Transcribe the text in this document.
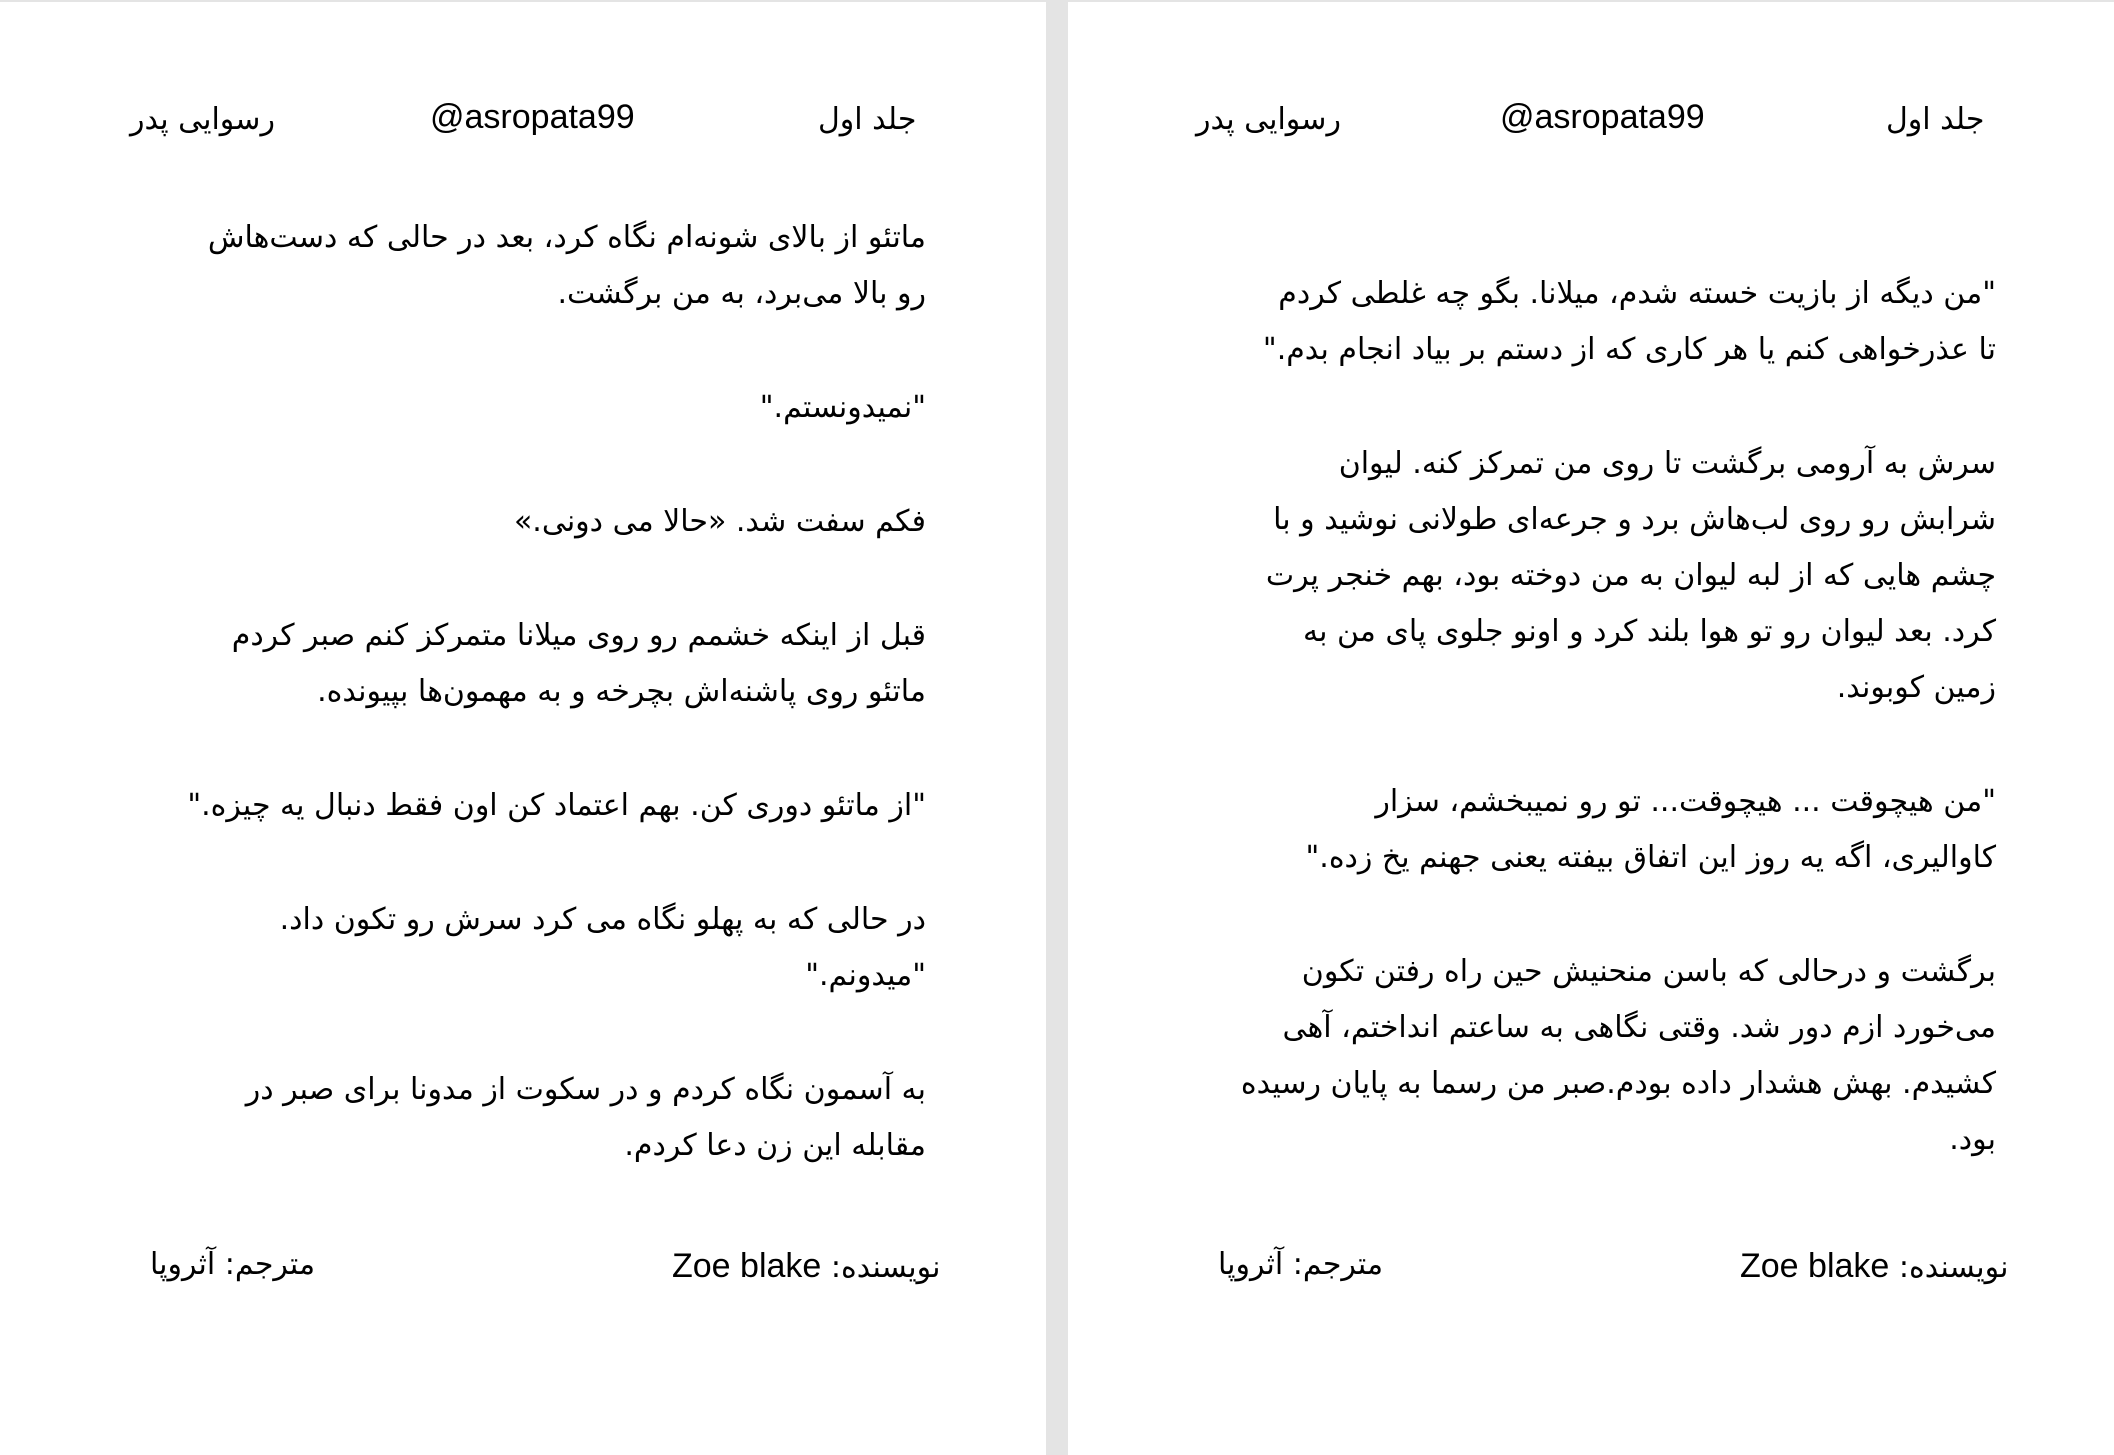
رسوایی پدر	@asropata99	جلد اول

ماتئو از بالای شونه‌ام نگاه کرد، بعد در حالی که دست‌هاش
رو بالا می‌برد، به من برگشت.

"نمیدونستم."

فکم سفت شد. «حالا می دونی.»

قبل از اینکه خشمم رو روی میلانا متمرکز کنم صبر کردم
ماتئو روی پاشنه‌اش بچرخه و به مهمون‌ها بپیونده.

"از ماتئو دوری کن. بهم اعتماد کن اون فقط دنبال یه چیزه."

در حالی که به پهلو نگاه می کرد سرش رو تکون داد.
"میدونم."

به آسمون نگاه کردم و در سکوت از مدونا برای صبر در
مقابله این زن دعا کردم.

مترجم: آثروپا	نویسنده: Zoe blake
رسوایی پدر	@asropata99	جلد اول

"من دیگه از بازیت خسته شدم، میلانا. بگو چه غلطی کردم
تا عذرخواهی کنم یا هر کاری که از دستم بر بیاد انجام بدم."

سرش به آرومی برگشت تا روی من تمرکز کنه. لیوان
شرابش رو روی لب‌هاش برد و جرعه‌ای طولانی نوشید و با
چشم هایی که از لبه لیوان به من دوخته بود، بهم خنجر پرت
کرد. بعد لیوان رو تو هوا بلند کرد و اونو جلوی پای من به
زمین کوبوند.

"من هیچوقت ... هیچوقت... تو رو نمیبخشم، سزار
کاوالیری، اگه یه روز این اتفاق بیفته یعنی جهنم یخ زده."

برگشت و درحالی که باسن منحنیش حین راه رفتن تکون
می‌خورد ازم دور شد. وقتی نگاهی به ساعتم انداختم، آهی
کشیدم. بهش هشدار داده بودم.صبر من رسما به پایان رسیده
بود.

مترجم: آثروپا	نویسنده: Zoe blake
